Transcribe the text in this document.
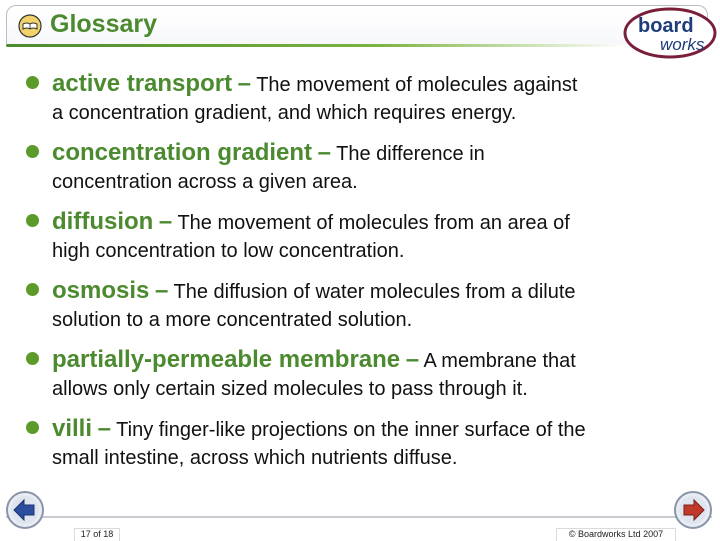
Glossary	board
works
active transport – The movement of molecules against
a concentration gradient, and which requires energy.
concentration gradient – The difference in
concentration across a given area.
diffusion – The movement of molecules from an area of
high concentration to low concentration.
osmosis – The diffusion of water molecules from a dilute
solution to a more concentrated solution.
partially-permeable membrane – A membrane that
allows only certain sized molecules to pass through it.
villi – Tiny finger-like projections on the inner surface of the
small intestine, across which nutrients diffuse.
17 of 18	© Boardworks Ltd 2007
